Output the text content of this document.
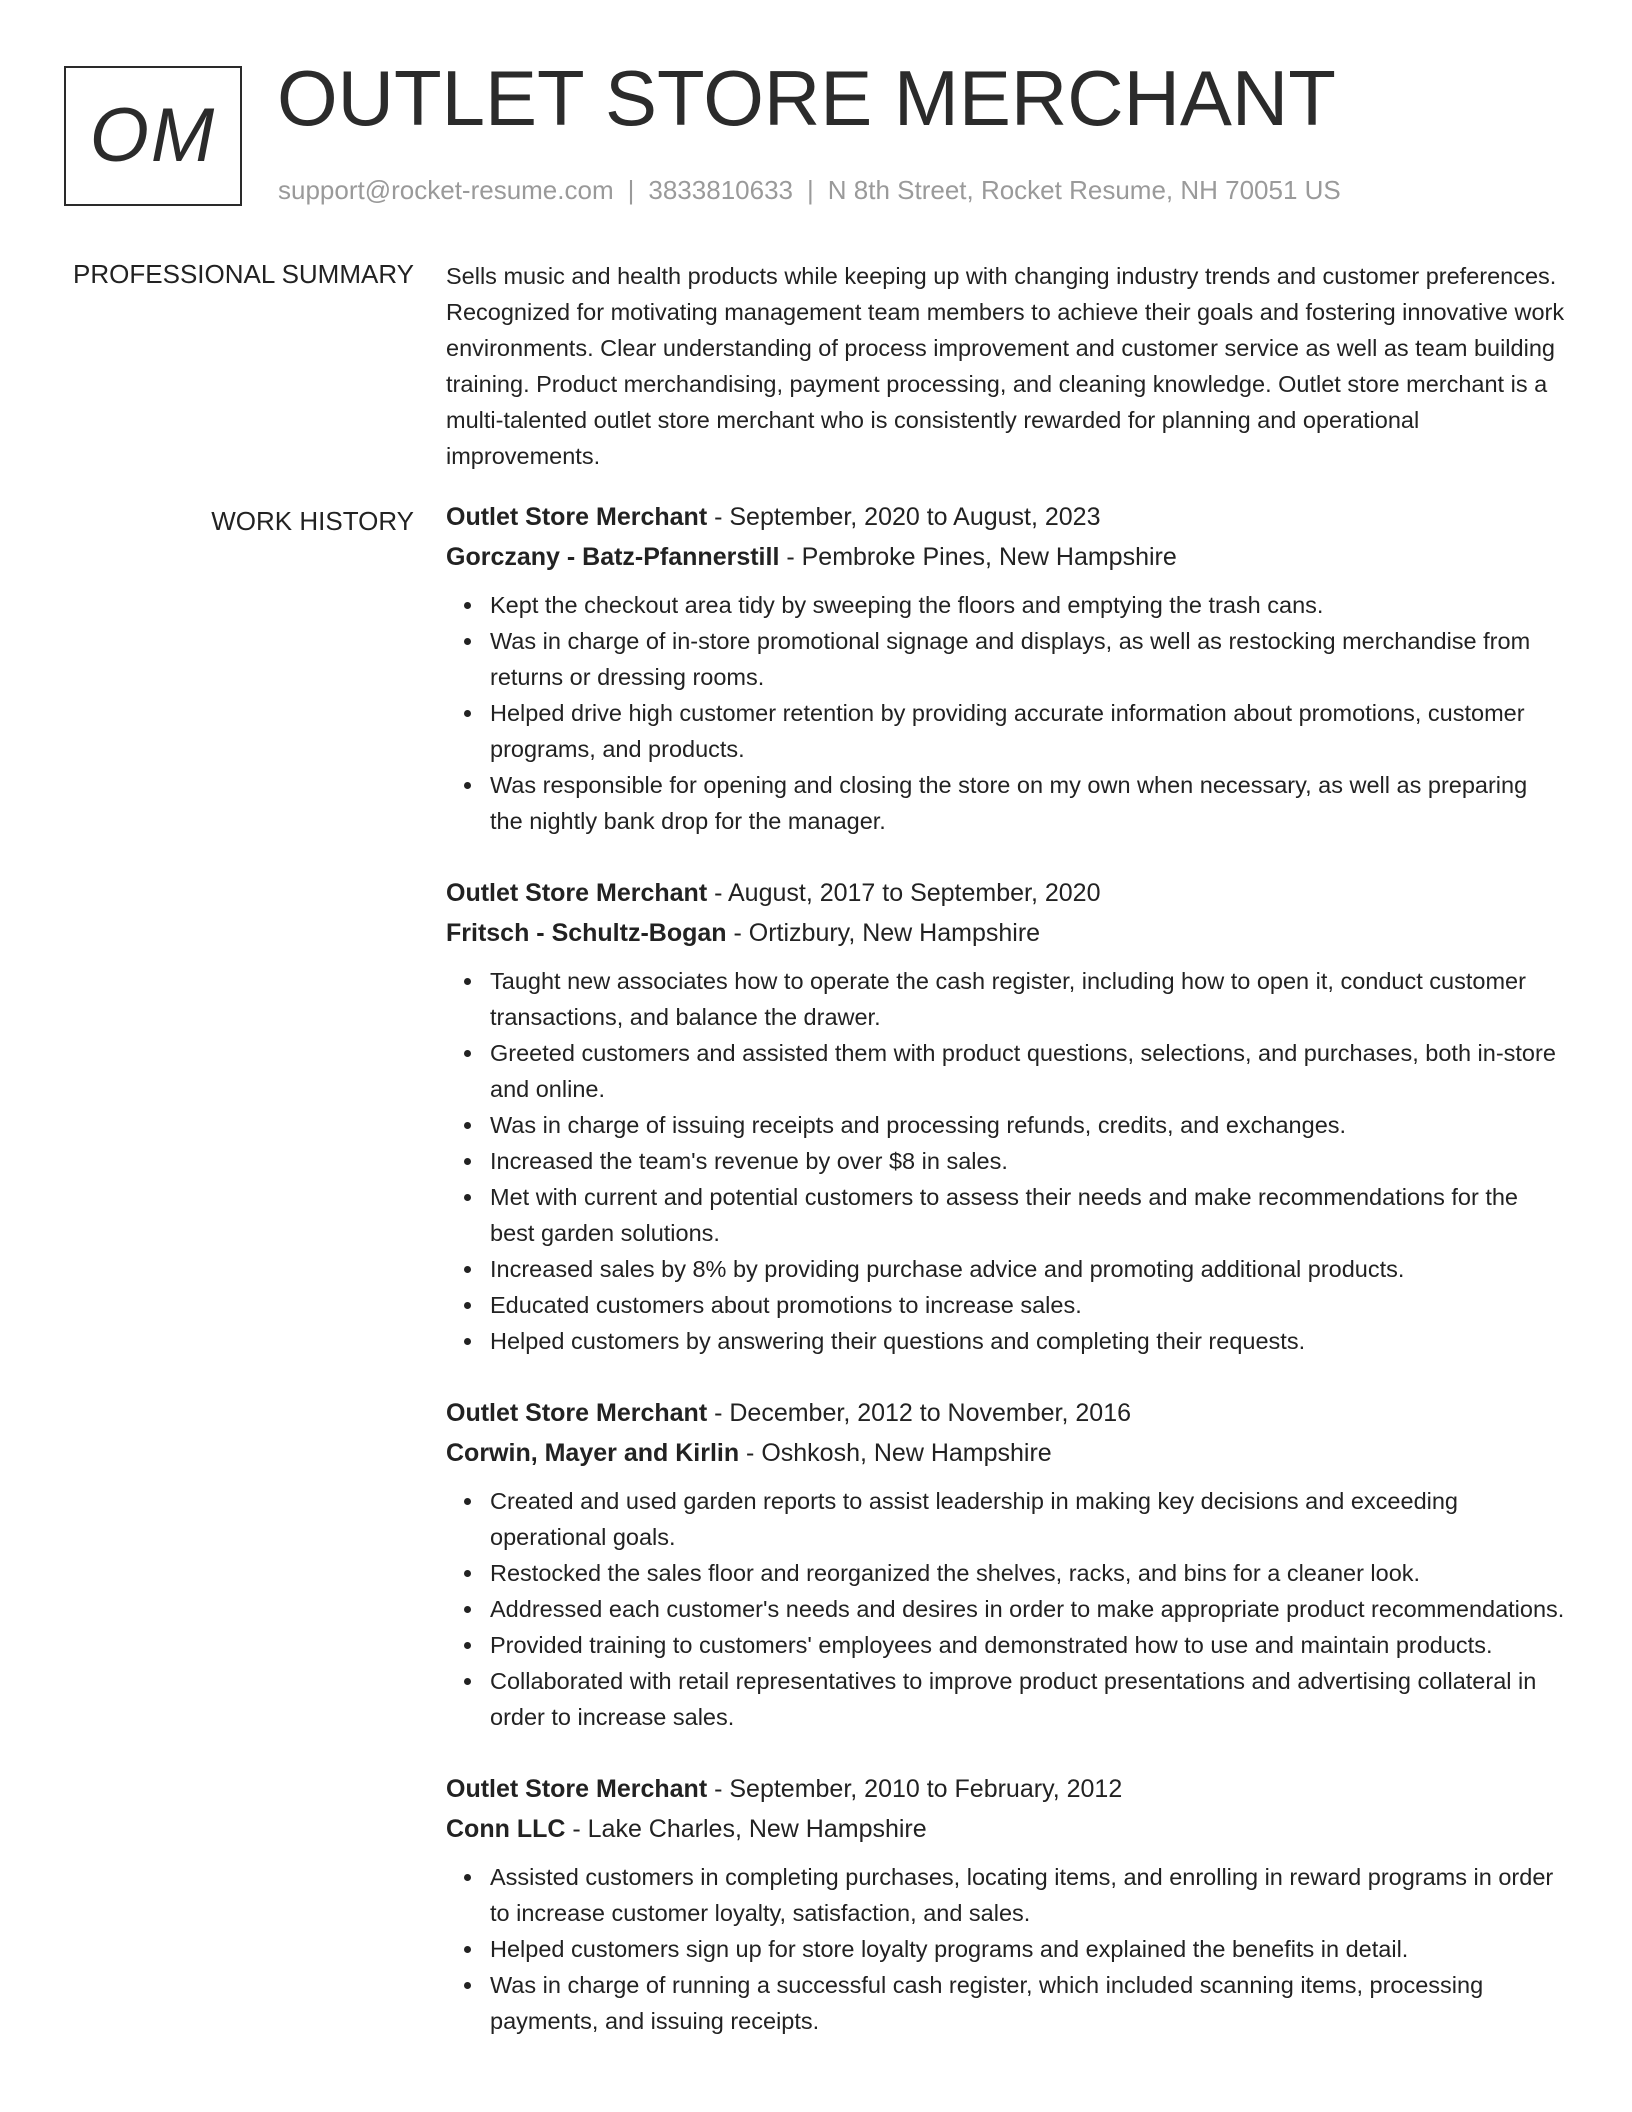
OM OUTLET STORE MERCHANT
support@rocket-resume.com | 3833810633 | N 8th Street, Rocket Resume, NH 70051 US
PROFESSIONAL SUMMARY Sells music and health products while keeping up with changing industry trends and customer preferences. Recognized for motivating management team members to achieve their goals and fostering innovative work environments. Clear understanding of process improvement and customer service as well as team building training. Product merchandising, payment processing, and cleaning knowledge. Outlet store merchant is a multi-talented outlet store merchant who is consistently rewarded for planning and operational improvements.

WORK HISTORY Outlet Store Merchant - September, 2020 to August, 2023
Gorczany - Batz-Pfannerstill - Pembroke Pines, New Hampshire
Kept the checkout area tidy by sweeping the floors and emptying the trash cans.
Was in charge of in-store promotional signage and displays, as well as restocking merchandise from returns or dressing rooms.
Helped drive high customer retention by providing accurate information about promotions, customer programs, and products.
Was responsible for opening and closing the store on my own when necessary, as well as preparing the nightly bank drop for the manager.
Outlet Store Merchant - August, 2017 to September, 2020
Fritsch - Schultz-Bogan - Ortizbury, New Hampshire
Taught new associates how to operate the cash register, including how to open it, conduct customer transactions, and balance the drawer.
Greeted customers and assisted them with product questions, selections, and purchases, both in-store and online.
Was in charge of issuing receipts and processing refunds, credits, and exchanges.
Increased the team's revenue by over $8 in sales.
Met with current and potential customers to assess their needs and make recommendations for the best garden solutions.
Increased sales by 8% by providing purchase advice and promoting additional products.
Educated customers about promotions to increase sales.
Helped customers by answering their questions and completing their requests.
Outlet Store Merchant - December, 2012 to November, 2016
Corwin, Mayer and Kirlin - Oshkosh, New Hampshire
Created and used garden reports to assist leadership in making key decisions and exceeding operational goals.
Restocked the sales floor and reorganized the shelves, racks, and bins for a cleaner look.
Addressed each customer's needs and desires in order to make appropriate product recommendations.
Provided training to customers' employees and demonstrated how to use and maintain products.
Collaborated with retail representatives to improve product presentations and advertising collateral in order to increase sales.
Outlet Store Merchant - September, 2010 to February, 2012
Conn LLC - Lake Charles, New Hampshire
Assisted customers in completing purchases, locating items, and enrolling in reward programs in order to increase customer loyalty, satisfaction, and sales.
Helped customers sign up for store loyalty programs and explained the benefits in detail.
Was in charge of running a successful cash register, which included scanning items, processing payments, and issuing receipts.
